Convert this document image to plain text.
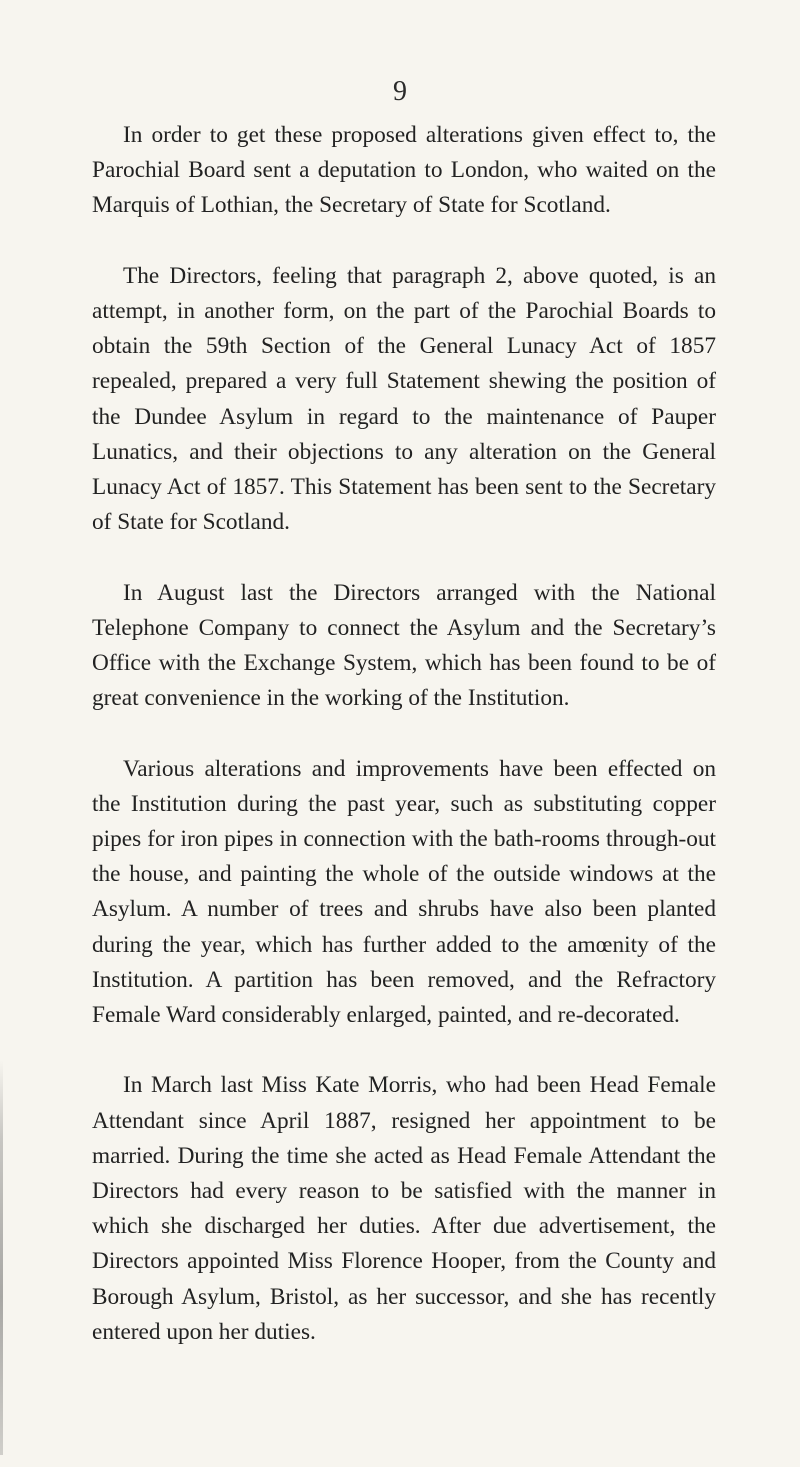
9

In order to get these proposed alterations given effect to, the Parochial Board sent a deputation to London, who waited on the Marquis of Lothian, the Secretary of State for Scotland.

The Directors, feeling that paragraph 2, above quoted, is an attempt, in another form, on the part of the Parochial Boards to obtain the 59th Section of the General Lunacy Act of 1857 repealed, prepared a very full Statement shewing the position of the Dundee Asylum in regard to the maintenance of Pauper Lunatics, and their objections to any alteration on the General Lunacy Act of 1857. This Statement has been sent to the Secretary of State for Scotland.

In August last the Directors arranged with the National Telephone Company to connect the Asylum and the Secretary’s Office with the Exchange System, which has been found to be of great convenience in the working of the Institution.

Various alterations and improvements have been effected on the Institution during the past year, such as substituting copper pipes for iron pipes in connection with the bath-rooms through-out the house, and painting the whole of the outside windows at the Asylum. A number of trees and shrubs have also been planted during the year, which has further added to the amœnity of the Institution. A partition has been removed, and the Refractory Female Ward considerably enlarged, painted, and re-decorated.

In March last Miss Kate Morris, who had been Head Female Attendant since April 1887, resigned her appointment to be married. During the time she acted as Head Female Attendant the Directors had every reason to be satisfied with the manner in which she discharged her duties. After due advertisement, the Directors appointed Miss Florence Hooper, from the County and Borough Asylum, Bristol, as her successor, and she has recently entered upon her duties.
